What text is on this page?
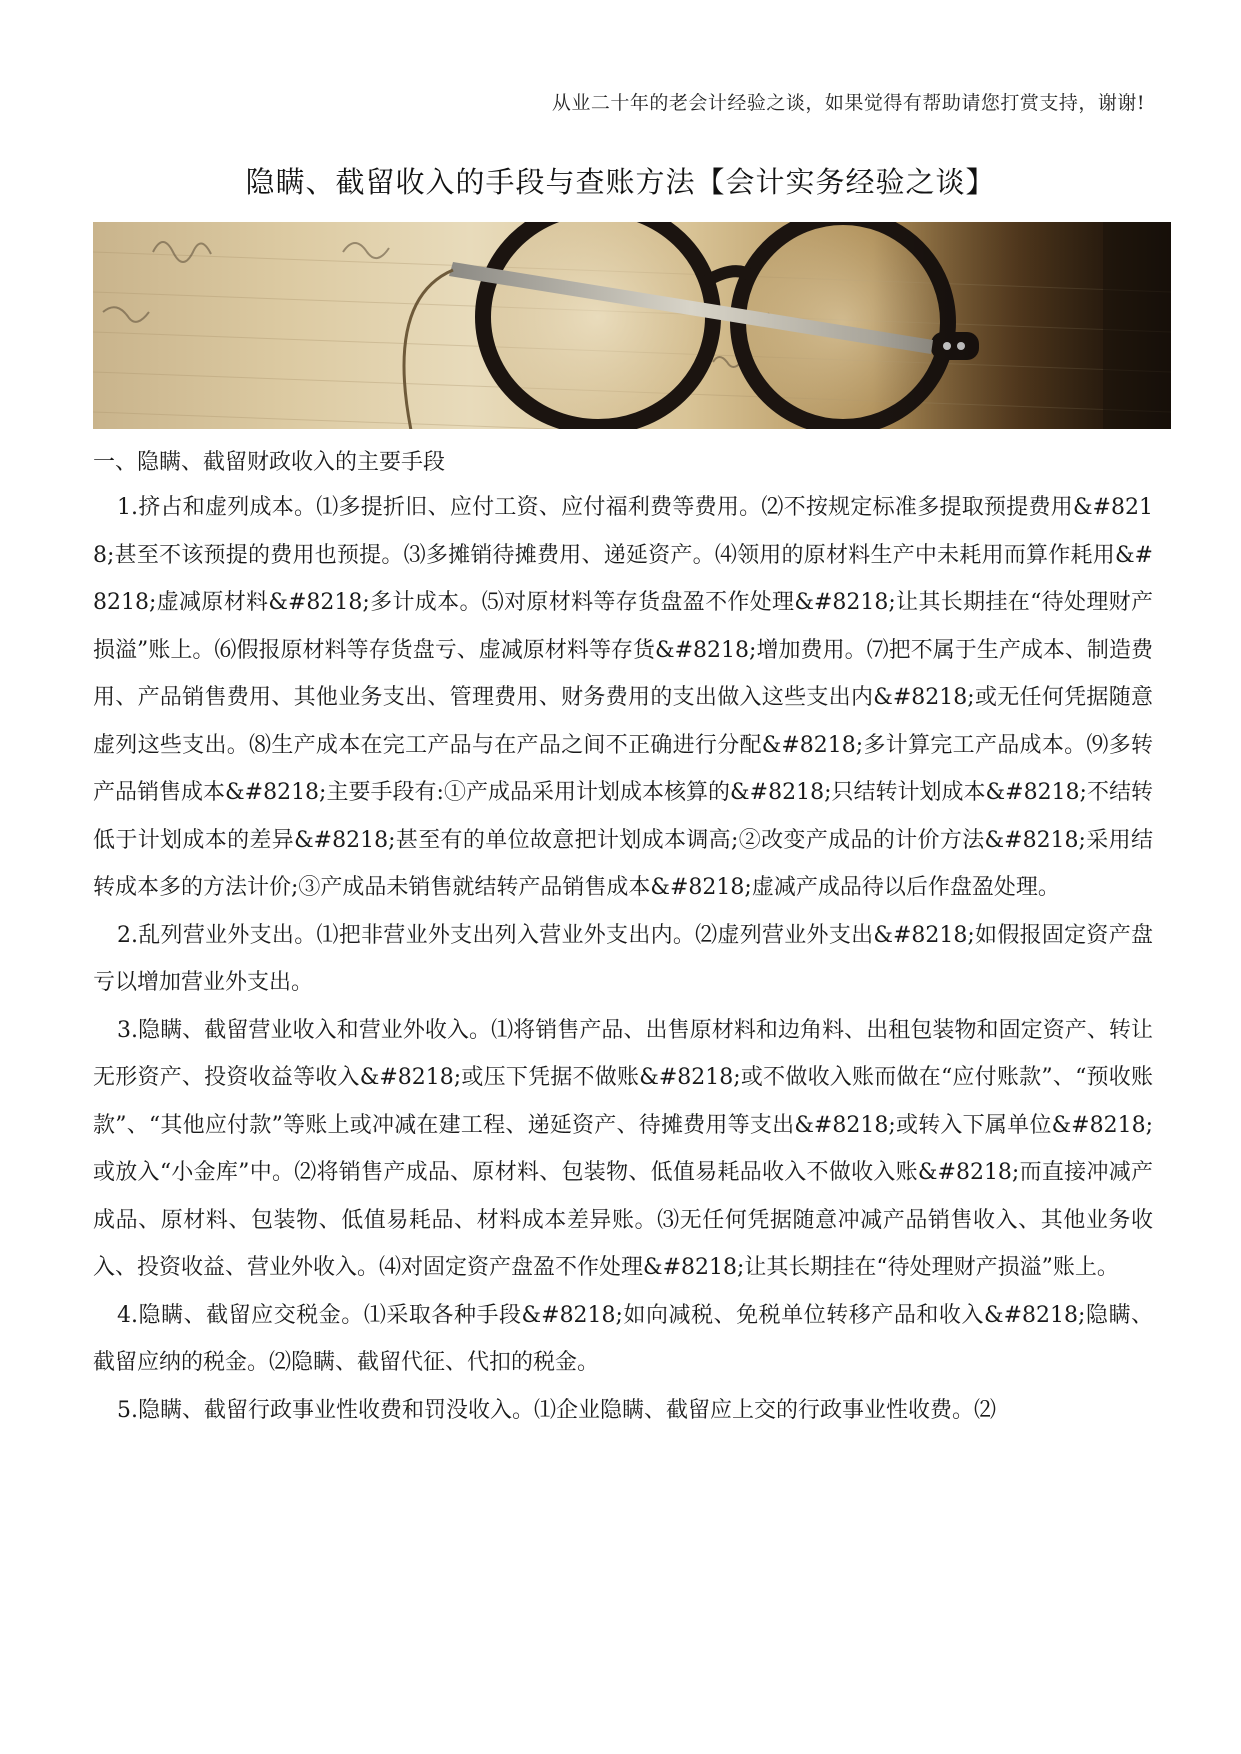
从业二十年的老会计经验之谈，如果觉得有帮助请您打赏支持，谢谢!
隐瞒、截留收入的手段与查账方法【会计实务经验之谈】

一、隐瞒、截留财政收入的主要手段

1.挤占和虚列成本。⑴多提折旧、应付工资、应付福利费等费用。⑵不按规定标准多提取预提费用&#8218;甚至不该预提的费用也预提。⑶多摊销待摊费用、递延资产。⑷领用的原材料生产中未耗用而算作耗用&#8218;虚减原材料&#8218;多计成本。⑸对原材料等存货盘盈不作处理&#8218;让其长期挂在“待处理财产损溢”账上。⑹假报原材料等存货盘亏、虚减原材料等存货&#8218;增加费用。⑺把不属于生产成本、制造费用、产品销售费用、其他业务支出、管理费用、财务费用的支出做入这些支出内&#8218;或无任何凭据随意虚列这些支出。⑻生产成本在完工产品与在产品之间不正确进行分配&#8218;多计算完工产品成本。⑼多转产品销售成本&#8218;主要手段有:①产成品采用计划成本核算的&#8218;只结转计划成本&#8218;不结转低于计划成本的差异&#8218;甚至有的单位故意把计划成本调高;②改变产成品的计价方法&#8218;采用结转成本多的方法计价;③产成品未销售就结转产品销售成本&#8218;虚减产成品待以后作盘盈处理。

2.乱列营业外支出。⑴把非营业外支出列入营业外支出内。⑵虚列营业外支出&#8218;如假报固定资产盘亏以增加营业外支出。

3.隐瞒、截留营业收入和营业外收入。⑴将销售产品、出售原材料和边角料、出租包装物和固定资产、转让无形资产、投资收益等收入&#8218;或压下凭据不做账&#8218;或不做收入账而做在“应付账款”、“预收账款”、“其他应付款”等账上或冲减在建工程、递延资产、待摊费用等支出&#8218;或转入下属单位&#8218;或放入“小金库”中。⑵将销售产成品、原材料、包装物、低值易耗品收入不做收入账&#8218;而直接冲减产成品、原材料、包装物、低值易耗品、材料成本差异账。⑶无任何凭据随意冲减产品销售收入、其他业务收入、投资收益、营业外收入。⑷对固定资产盘盈不作处理&#8218;让其长期挂在“待处理财产损溢”账上。

4.隐瞒、截留应交税金。⑴采取各种手段&#8218;如向减税、免税单位转移产品和收入&#8218;隐瞒、截留应纳的税金。⑵隐瞒、截留代征、代扣的税金。

5.隐瞒、截留行政事业性收费和罚没收入。⑴企业隐瞒、截留应上交的行政事业性收费。⑵
